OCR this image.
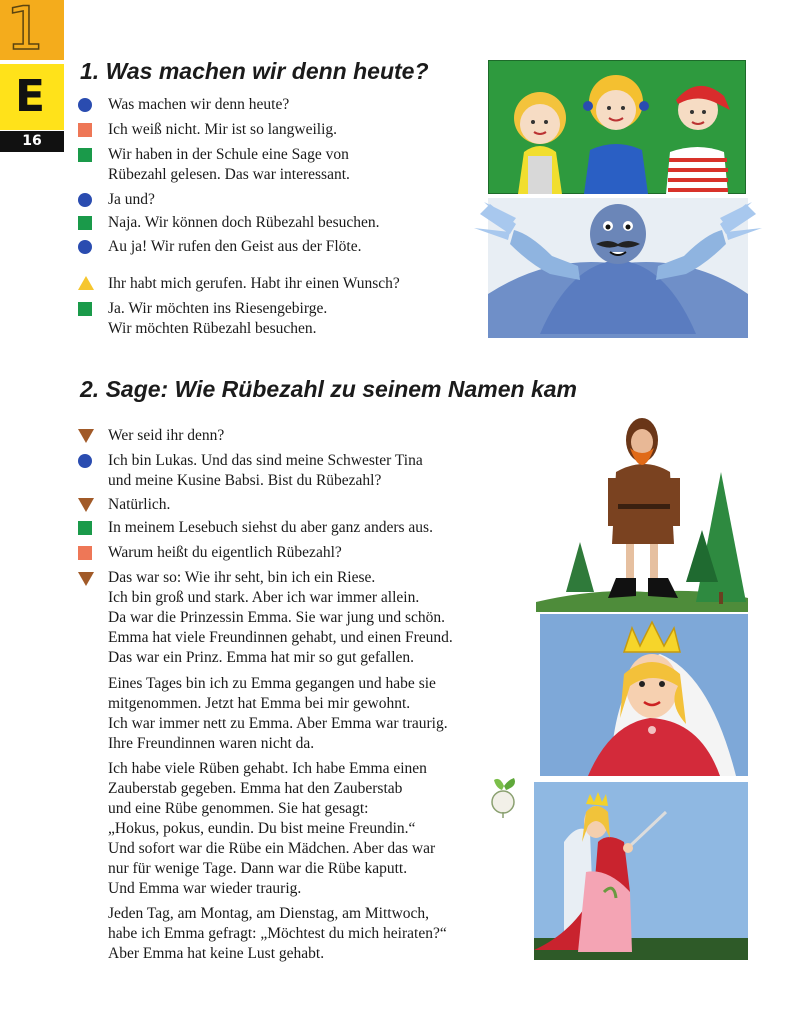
1
E
16
1. Was machen wir denn heute?
Was machen wir denn heute?
Ich weiß nicht. Mir ist so langweilig.
Wir haben in der Schule eine Sage von
Rübezahl gelesen. Das war interessant.
Ja und?
Naja. Wir können doch Rübezahl besuchen.
Au ja! Wir rufen den Geist aus der Flöte.
Ihr habt mich gerufen. Habt ihr einen Wunsch?
Ja. Wir möchten ins Riesengebirge.
Wir möchten Rübezahl besuchen.
2. Sage: Wie Rübezahl zu seinem Namen kam
Wer seid ihr denn?
Ich bin Lukas. Und das sind meine Schwester Tina
und meine Kusine Babsi. Bist du Rübezahl?
Natürlich.
In meinem Lesebuch siehst du aber ganz anders aus.
Warum heißt du eigentlich Rübezahl?
Das war so: Wie ihr seht, bin ich ein Riese.
Ich bin groß und stark. Aber ich war immer allein.
Da war die Prinzessin Emma. Sie war jung und schön.
Emma hat viele Freundinnen gehabt, und einen Freund.
Das war ein Prinz. Emma hat mir so gut gefallen.
Eines Tages bin ich zu Emma gegangen und habe sie
mitgenommen. Jetzt hat Emma bei mir gewohnt.
Ich war immer nett zu Emma. Aber Emma war traurig.
Ihre Freundinnen waren nicht da.
Ich habe viele Rüben gehabt. Ich habe Emma einen
Zauberstab gegeben. Emma hat den Zauberstab
und eine Rübe genommen. Sie hat gesagt:
„Hokus, pokus, eundin. Du bist meine Freundin.“
Und sofort war die Rübe ein Mädchen. Aber das war
nur für wenige Tage. Dann war die Rübe kaputt.
Und Emma war wieder traurig.
Jeden Tag, am Montag, am Dienstag, am Mittwoch,
habe ich Emma gefragt: „Möchtest du mich heiraten?“
Aber Emma hat keine Lust gehabt.
